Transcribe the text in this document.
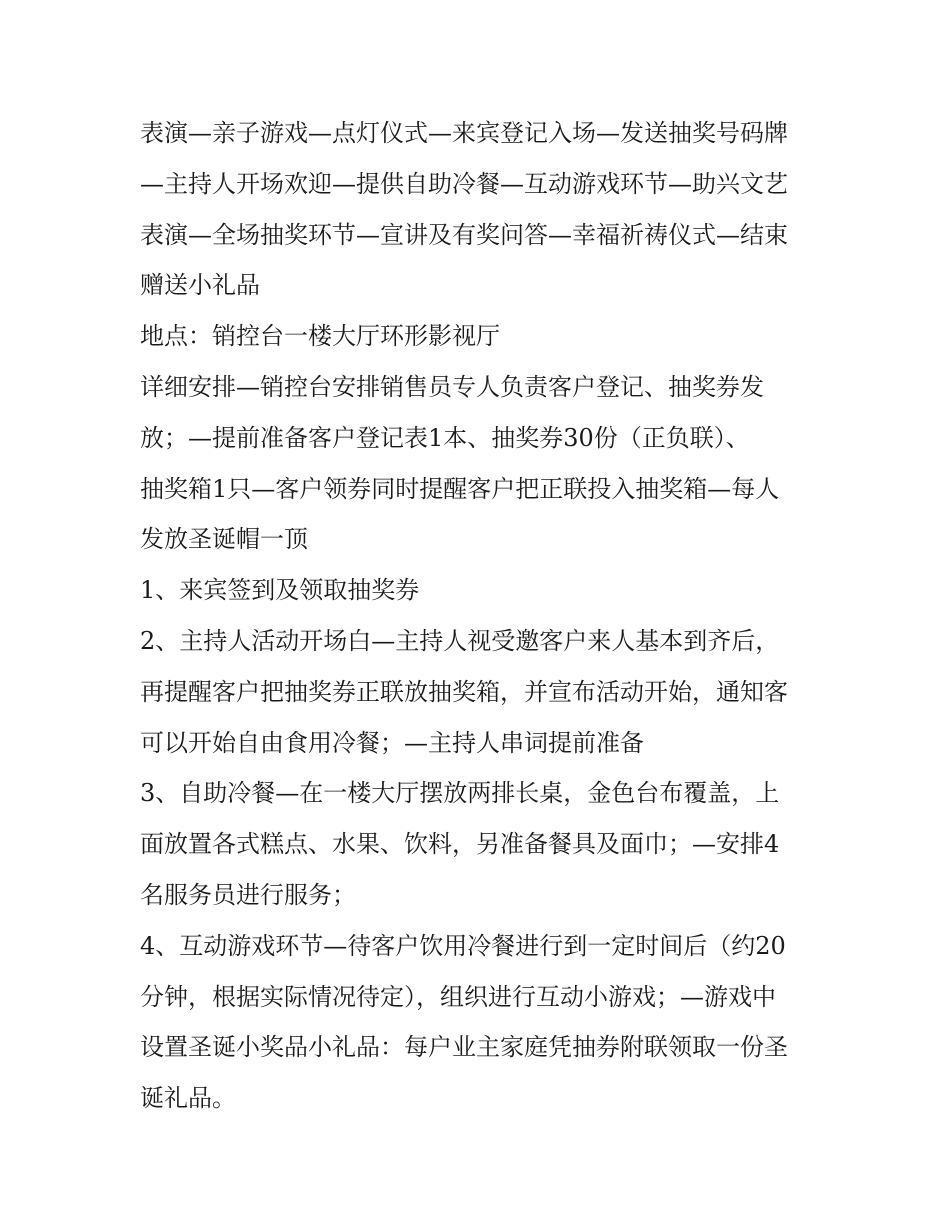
表演—亲子游戏—点灯仪式—来宾登记入场—发送抽奖号码牌
—主持人开场欢迎—提供自助冷餐—互动游戏环节—助兴文艺
表演—全场抽奖环节—宣讲及有奖问答—幸福祈祷仪式—结束
赠送小礼品
地点：销控台一楼大厅环形影视厅
详细安排—销控台安排销售员专人负责客户登记、抽奖券发
放；—提前准备客户登记表1本、抽奖券30份（正负联）、
抽奖箱1只—客户领券同时提醒客户把正联投入抽奖箱—每人
发放圣诞帽一顶
1、来宾签到及领取抽奖券
2、主持人活动开场白—主持人视受邀客户来人基本到齐后，
再提醒客户把抽奖券正联放抽奖箱，并宣布活动开始，通知客
可以开始自由食用冷餐；—主持人串词提前准备
3、自助冷餐—在一楼大厅摆放两排长桌，金色台布覆盖，上
面放置各式糕点、水果、饮料，另准备餐具及面巾；—安排4
名服务员进行服务；
4、互动游戏环节—待客户饮用冷餐进行到一定时间后（约20
分钟，根据实际情况待定），组织进行互动小游戏；—游戏中
设置圣诞小奖品小礼品：每户业主家庭凭抽券附联领取一份圣
诞礼品。
